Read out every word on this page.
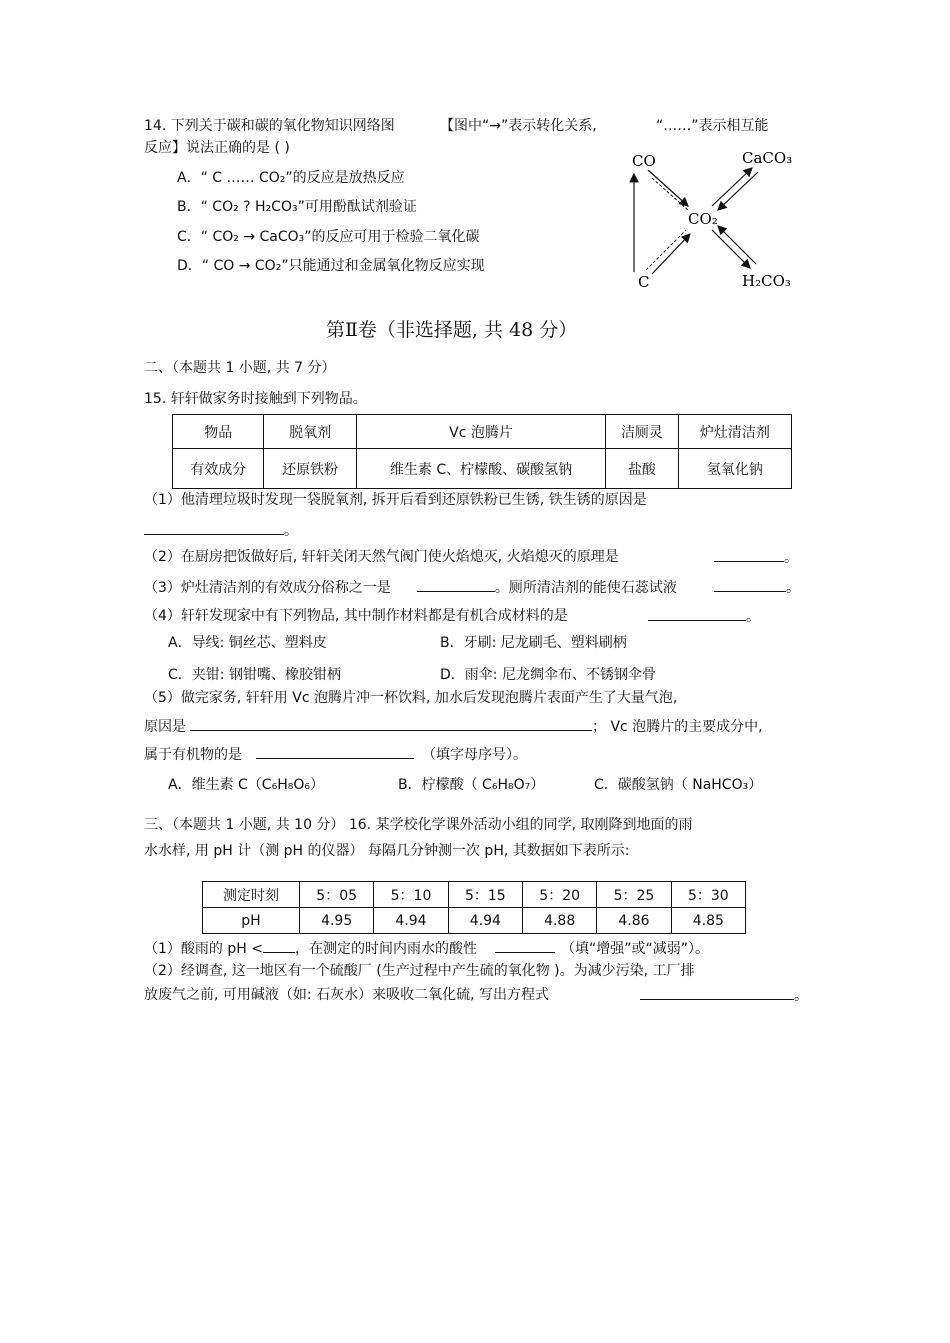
14. 下列关于碳和碳的氧化物知识网络图	【图中“→”表示转化关系,	“……”表示相互能
反应】说法正确的是 ( )
A．“ C …… CO₂”的反应是放热反应
B．“ CO₂ ? H₂CO₃”可用酚酞试剂验证
C．“ CO₂ → CaCO₃”的反应可用于检验二氧化碳
D．“ CO → CO₂”只能通过和金属氧化物反应实现
CO	CaCO₃
CO₂
C	H₂CO₃
第Ⅱ卷（非选择题, 共 48 分）
二、（本题共 1 小题, 共 7 分）
15. 轩轩做家务时接触到下列物品。
物品	脱氧剂	Vc 泡腾片	洁厕灵	炉灶清洁剂
有效成分	还原铁粉	维生素 C、柠檬酸、碳酸氢钠	盐酸	氢氧化钠
（1）他清理垃圾时发现一袋脱氧剂, 拆开后看到还原铁粉已生锈, 铁生锈的原因是
。
（2）在厨房把饭做好后, 轩轩关闭天然气阀门使火焰熄灭, 火焰熄灭的原理是	。
（3）炉灶清洁剂的有效成分俗称之一是	。厕所清洁剂的能使石蕊试液	。
（4）轩轩发现家中有下列物品, 其中制作材料都是有机合成材料的是	。
A．导线: 铜丝芯、塑料皮	B．牙刷: 尼龙刷毛、塑料刷柄
C．夹钳: 钢钳嘴、橡胶钳柄	D．雨伞: 尼龙绸伞布、不锈钢伞骨
（5）做完家务, 轩轩用 Vc 泡腾片冲一杯饮料, 加水后发现泡腾片表面产生了大量气泡,
原因是	； Vc 泡腾片的主要成分中,
属于有机物的是	（填字母序号）。
A．维生素 C（C₆H₈O₆）	B．柠檬酸（ C₆H₈O₇）	C．碳酸氢钠（ NaHCO₃）
三、（本题共 1 小题, 共 10 分） 16. 某学校化学课外活动小组的同学, 取刚降到地面的雨
水水样, 用 pH 计（测 pH 的仪器） 每隔几分钟测一次 pH, 其数据如下表所示:
测定时刻	5：05	5：10	5：15	5：20	5：25	5：30
pH	4.95	4.94	4.94	4.88	4.86	4.85
（1）酸雨的 pH < ，在测定的时间内雨水的酸性	（填“增强”或“减弱”）。
（2）经调查, 这一地区有一个硫酸厂 (生产过程中产生硫的氧化物 )。为减少污染, 工厂排
放废气之前, 可用碱液（如: 石灰水）来吸收二氧化硫, 写出方程式	。
